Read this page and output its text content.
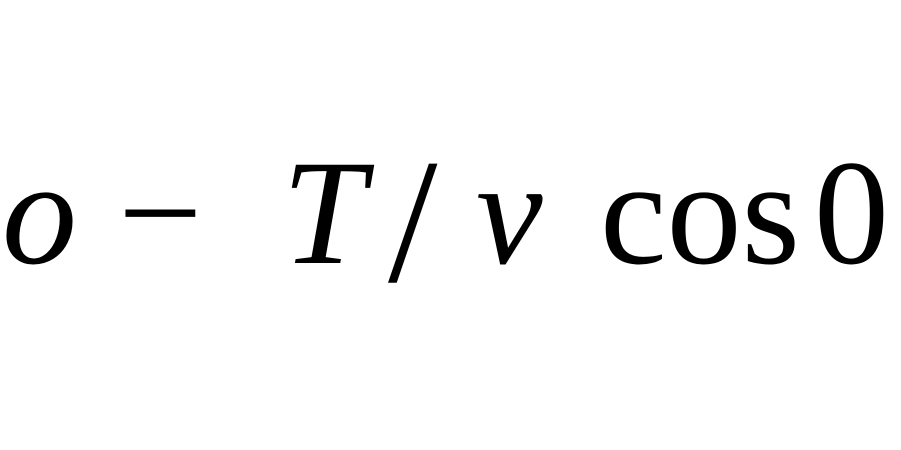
o − T / ν cos 0
